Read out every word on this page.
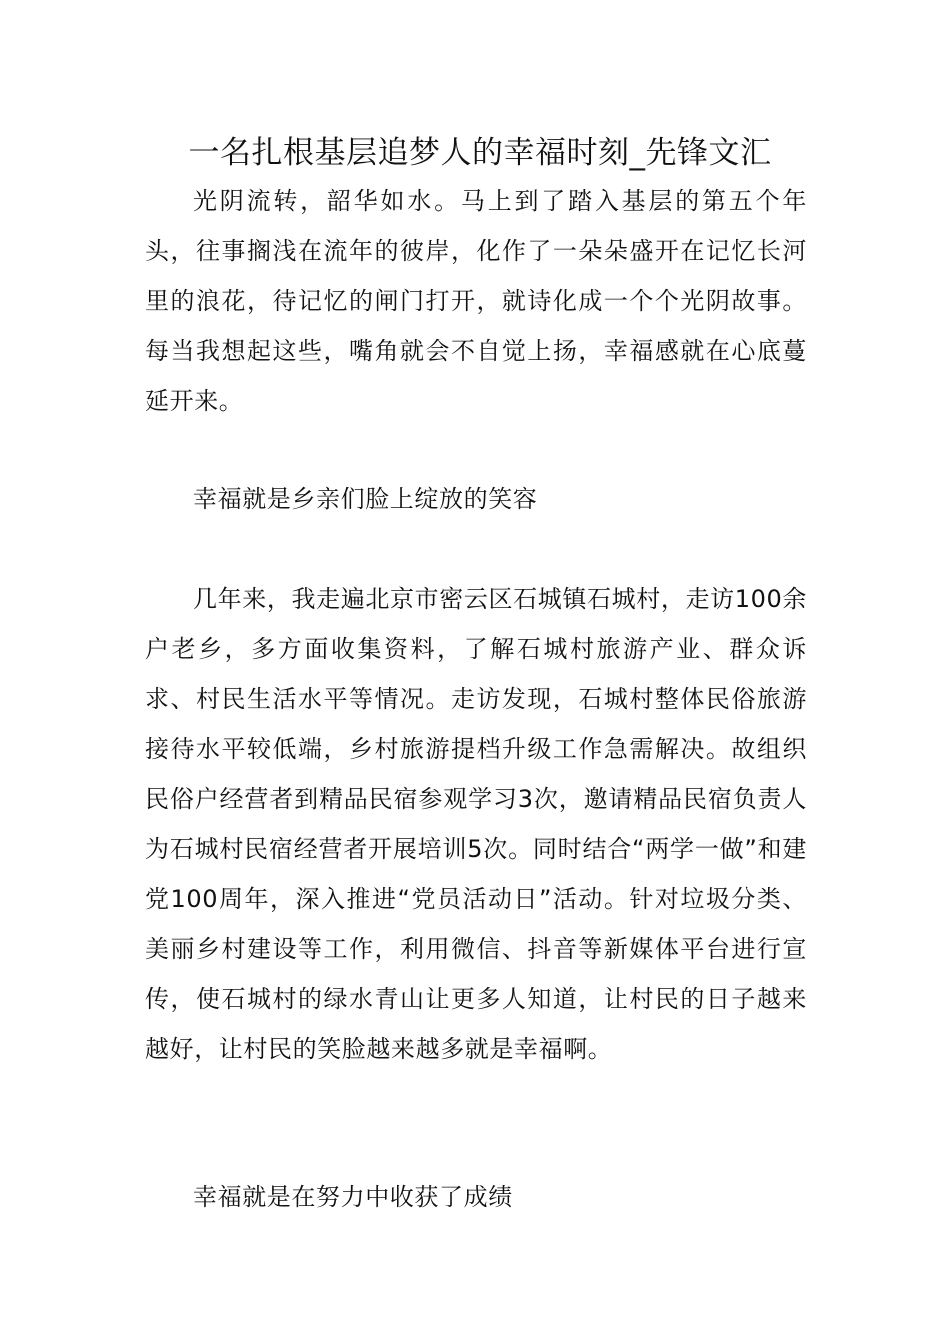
一名扎根基层追梦人的幸福时刻_先锋文汇

光阴流转，韶华如水。马上到了踏入基层的第五个年头，往事搁浅在流年的彼岸，化作了一朵朵盛开在记忆长河里的浪花，待记忆的闸门打开，就诗化成一个个光阴故事。每当我想起这些，嘴角就会不自觉上扬，幸福感就在心底蔓延开来。

幸福就是乡亲们脸上绽放的笑容

几年来，我走遍北京市密云区石城镇石城村，走访100余户老乡，多方面收集资料，了解石城村旅游产业、群众诉求、村民生活水平等情况。走访发现，石城村整体民俗旅游接待水平较低端，乡村旅游提档升级工作急需解决。故组织民俗户经营者到精品民宿参观学习3次，邀请精品民宿负责人为石城村民宿经营者开展培训5次。同时结合“两学一做”和建党100周年，深入推进“党员活动日”活动。针对垃圾分类、美丽乡村建设等工作，利用微信、抖音等新媒体平台进行宣传，使石城村的绿水青山让更多人知道，让村民的日子越来越好，让村民的笑脸越来越多就是幸福啊。

幸福就是在努力中收获了成绩
